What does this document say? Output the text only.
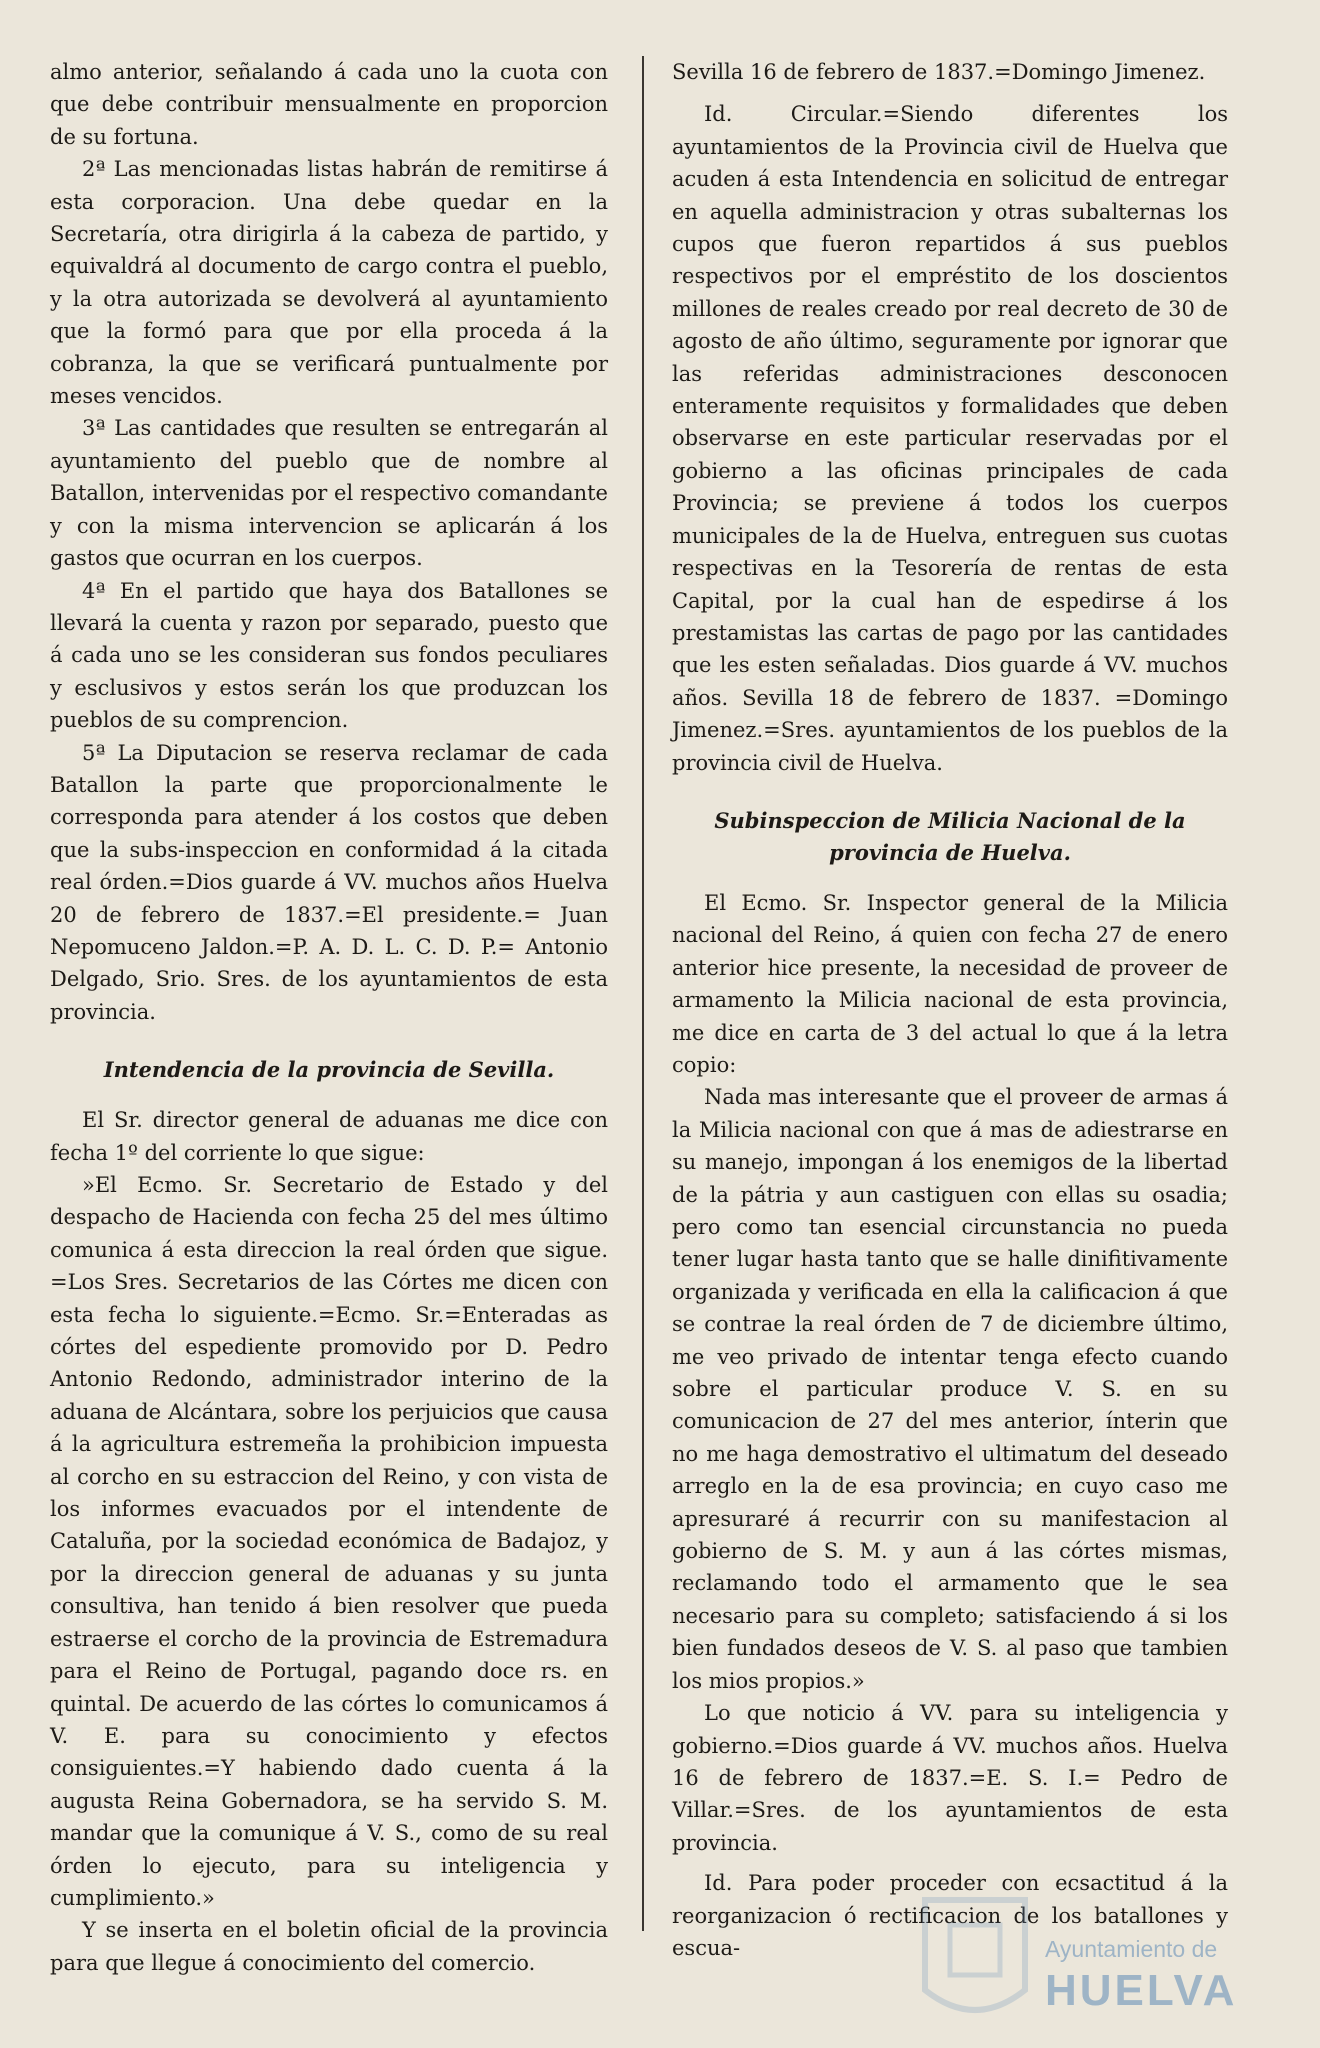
almo anterior, señalando á cada uno la cuota con que debe contribuir mensualmente en proporcion de su fortuna.

2ª Las mencionadas listas habrán de remitirse á esta corporacion. Una debe quedar en la Secretaría, otra dirigirla á la cabeza de partido, y equivaldrá al documento de cargo contra el pueblo, y la otra autorizada se devolverá al ayuntamiento que la formó para que por ella proceda á la cobranza, la que se verificará puntualmente por meses vencidos.

3ª Las cantidades que resulten se entregarán al ayuntamiento del pueblo que de nombre al Batallon, intervenidas por el respectivo comandante y con la misma intervencion se aplicarán á los gastos que ocurran en los cuerpos.

4ª En el partido que haya dos Batallones se llevará la cuenta y razon por separado, puesto que á cada uno se les consideran sus fondos peculiares y esclusivos y estos serán los que produzcan los pueblos de su comprencion.

5ª La Diputacion se reserva reclamar de cada Batallon la parte que proporcionalmente le corresponda para atender á los costos que deben que la subs-inspeccion en conformidad á la citada real órden.=Dios guarde á VV. muchos años Huelva 20 de febrero de 1837.=El presidente.= Juan Nepomuceno Jaldon.=P. A. D. L. C. D. P.= Antonio Delgado, Srio. Sres. de los ayuntamientos de esta provincia.

Intendencia de la provincia de Sevilla.

El Sr. director general de aduanas me dice con fecha 1º del corriente lo que sigue:

»El Ecmo. Sr. Secretario de Estado y del despacho de Hacienda con fecha 25 del mes último comunica á esta direccion la real órden que sigue. =Los Sres. Secretarios de las Córtes me dicen con esta fecha lo siguiente.=Ecmo. Sr.=Enteradas as córtes del espediente promovido por D. Pedro Antonio Redondo, administrador interino de la aduana de Alcántara, sobre los perjuicios que causa á la agricultura estremeña la prohibicion impuesta al corcho en su estraccion del Reino, y con vista de los informes evacuados por el intendente de Cataluña, por la sociedad económica de Badajoz, y por la direccion general de aduanas y su junta consultiva, han tenido á bien resolver que pueda estraerse el corcho de la provincia de Estremadura para el Reino de Portugal, pagando doce rs. en quintal. De acuerdo de las córtes lo comunicamos á V. E. para su conocimiento y efectos consiguientes.=Y habiendo dado cuenta á la augusta Reina Gobernadora, se ha servido S. M. mandar que la comunique á V. S., como de su real órden lo ejecuto, para su inteligencia y cumplimiento.»

Y se inserta en el boletin oficial de la provincia para que llegue á conocimiento del comercio.

Sevilla 16 de febrero de 1837.=Domingo Jimenez.

Id. Circular.=Siendo diferentes los ayuntamientos de la Provincia civil de Huelva que acuden á esta Intendencia en solicitud de entregar en aquella administracion y otras subalternas los cupos que fueron repartidos á sus pueblos respectivos por el empréstito de los doscientos millones de reales creado por real decreto de 30 de agosto de año último, seguramente por ignorar que las referidas administraciones desconocen enteramente requisitos y formalidades que deben observarse en este particular reservadas por el gobierno a las oficinas principales de cada Provincia; se previene á todos los cuerpos municipales de la de Huelva, entreguen sus cuotas respectivas en la Tesorería de rentas de esta Capital, por la cual han de espedirse á los prestamistas las cartas de pago por las cantidades que les esten señaladas. Dios guarde á VV. muchos años. Sevilla 18 de febrero de 1837. =Domingo Jimenez.=Sres. ayuntamientos de los pueblos de la provincia civil de Huelva.

Subinspeccion de Milicia Nacional de la provincia de Huelva.

El Ecmo. Sr. Inspector general de la Milicia nacional del Reino, á quien con fecha 27 de enero anterior hice presente, la necesidad de proveer de armamento la Milicia nacional de esta provincia, me dice en carta de 3 del actual lo que á la letra copio:

Nada mas interesante que el proveer de armas á la Milicia nacional con que á mas de adiestrarse en su manejo, impongan á los enemigos de la libertad de la pátria y aun castiguen con ellas su osadia; pero como tan esencial circunstancia no pueda tener lugar hasta tanto que se halle dinifitivamente organizada y verificada en ella la calificacion á que se contrae la real órden de 7 de diciembre último, me veo privado de intentar tenga efecto cuando sobre el particular produce V. S. en su comunicacion de 27 del mes anterior, ínterin que no me haga demostrativo el ultimatum del deseado arreglo en la de esa provincia; en cuyo caso me apresuraré á recurrir con su manifestacion al gobierno de S. M. y aun á las córtes mismas, reclamando todo el armamento que le sea necesario para su completo; satisfaciendo á si los bien fundados deseos de V. S. al paso que tambien los mios propios.»

Lo que noticio á VV. para su inteligencia y gobierno.=Dios guarde á VV. muchos años. Huelva 16 de febrero de 1837.=E. S. I.= Pedro de Villar.=Sres. de los ayuntamientos de esta provincia.

Id. Para poder proceder con ecsactitud á la reorganizacion ó rectificacion de los batallones y escua-	Ayuntamiento de
HUELVA
